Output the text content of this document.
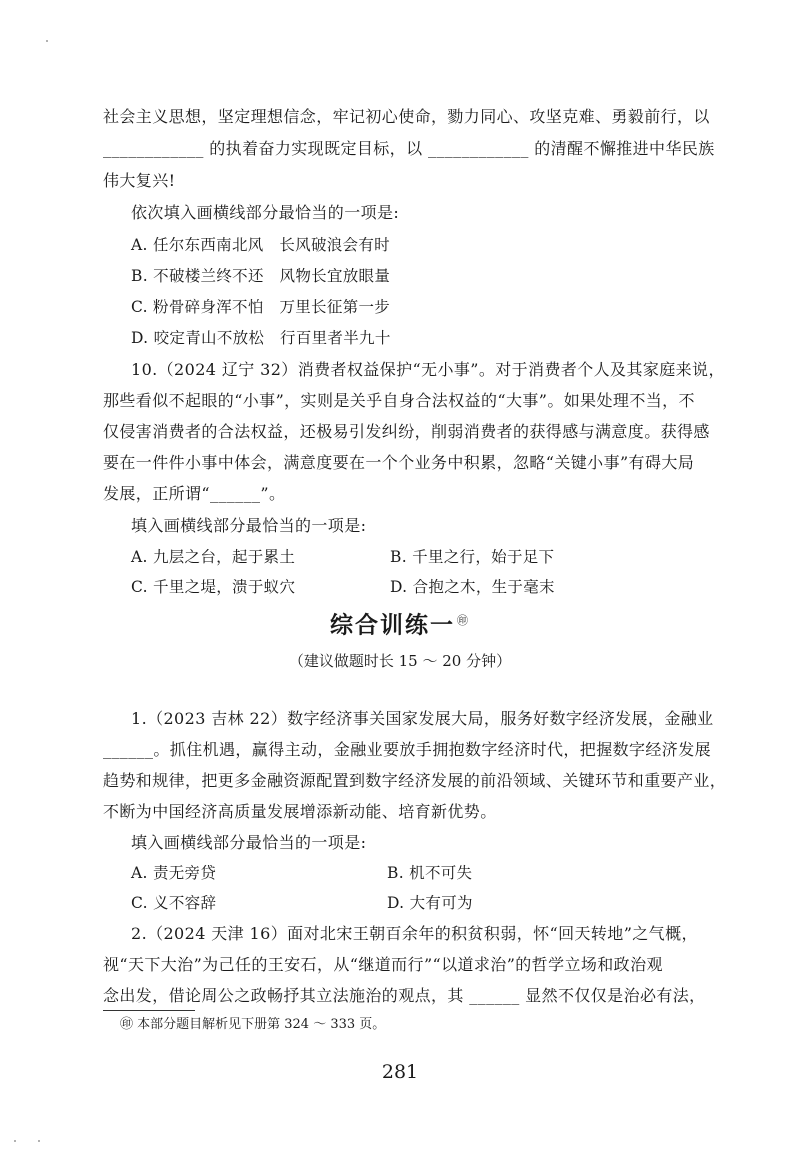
社会主义思想，坚定理想信念，牢记初心使命，勠力同心、攻坚克难、勇毅前行，以
____________ 的执着奋力实现既定目标，以 ____________ 的清醒不懈推进中华民族
伟大复兴!
依次填入画横线部分最恰当的一项是:
A. 任尔东西南北风　长风破浪会有时
B. 不破楼兰终不还　风物长宜放眼量
C. 粉骨碎身浑不怕　万里长征第一步
D. 咬定青山不放松　行百里者半九十
10.（2024 辽宁 32）消费者权益保护“无小事”。对于消费者个人及其家庭来说，
那些看似不起眼的“小事”，实则是关乎自身合法权益的“大事”。如果处理不当，不
仅侵害消费者的合法权益，还极易引发纠纷，削弱消费者的获得感与满意度。获得感
要在一件件小事中体会，满意度要在一个个业务中积累，忽略“关键小事”有碍大局
发展，正所谓“______”。
填入画横线部分最恰当的一项是:
A. 九层之台，起于累土	B. 千里之行，始于足下
C. 千里之堤，溃于蚁穴	D. 合抱之木，生于毫末
综合训练一 ㊞
（建议做题时长 15 ～ 20 分钟）
1.（2023 吉林 22）数字经济事关国家发展大局，服务好数字经济发展，金融业
______。抓住机遇，赢得主动，金融业要放手拥抱数字经济时代，把握数字经济发展
趋势和规律，把更多金融资源配置到数字经济发展的前沿领域、关键环节和重要产业，
不断为中国经济高质量发展增添新动能、培育新优势。
填入画横线部分最恰当的一项是:
A. 责无旁贷	B. 机不可失
C. 义不容辞	D. 大有可为
2.（2024 天津 16）面对北宋王朝百余年的积贫积弱，怀“回天转地”之气概，
视“天下大治”为己任的王安石，从“继道而行”“以道求治”的哲学立场和政治观
念出发，借论周公之政畅抒其立法施治的观点，其 ______ 显然不仅仅是治必有法，
㊞ 本部分题目解析见下册第 324 ～ 333 页。
281
